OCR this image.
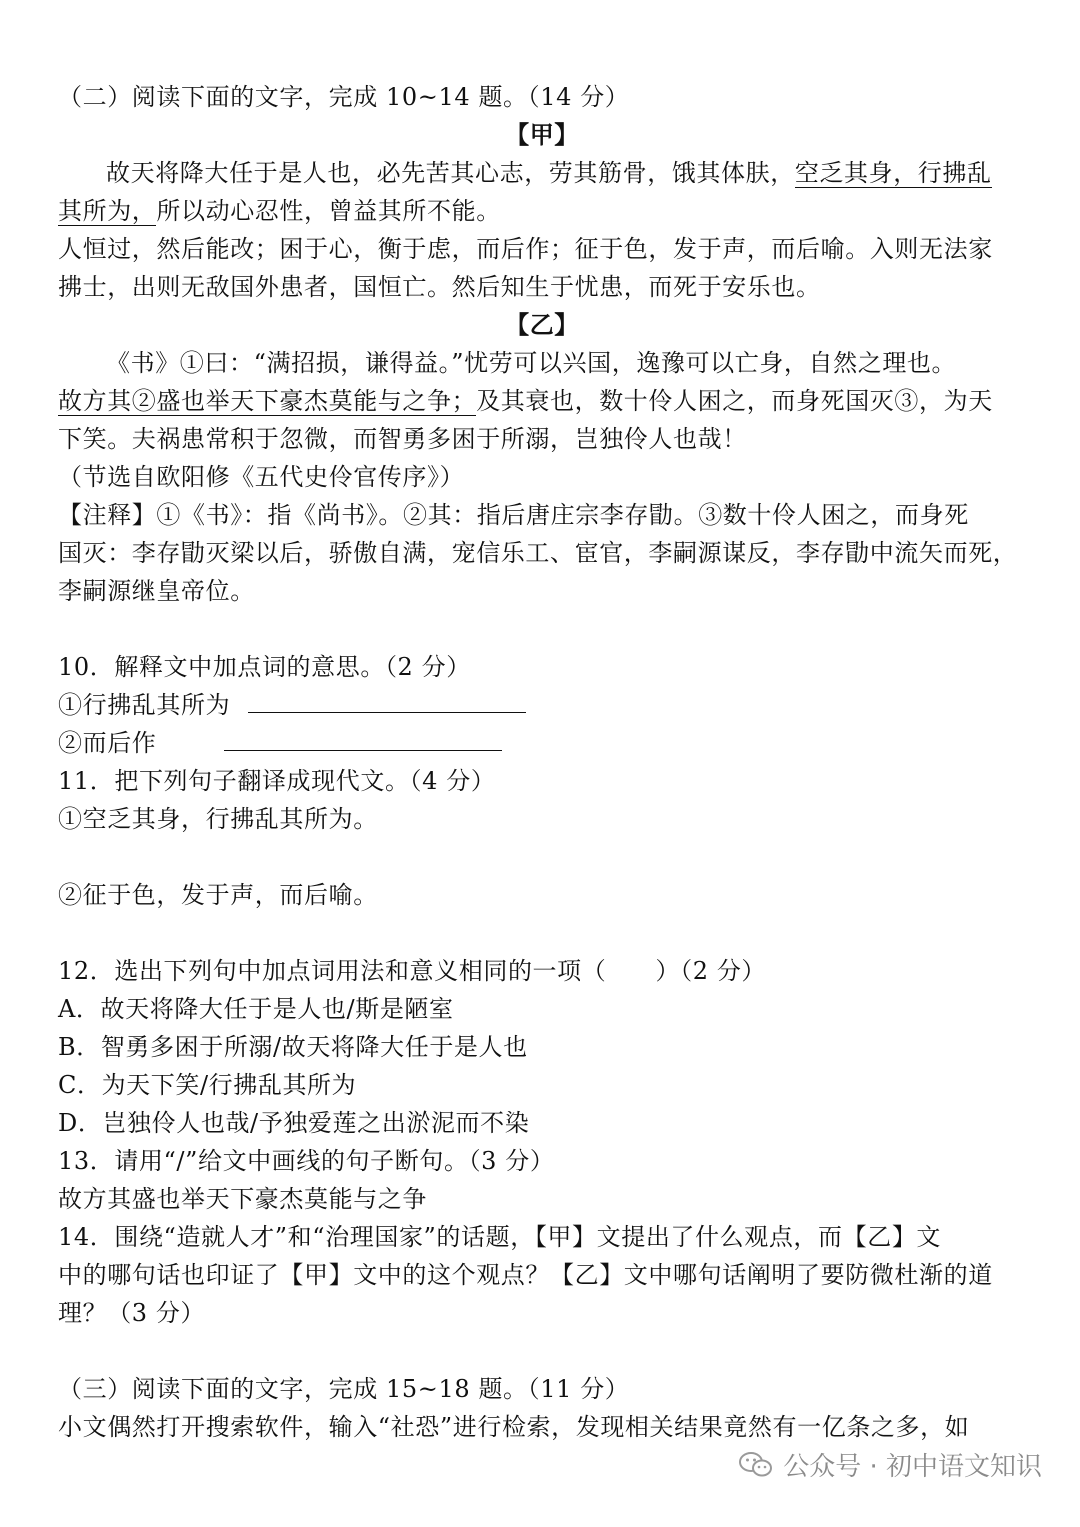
（二）阅读下面的文字，完成 10~14 题。（14 分）
【甲】
故天将降大任于是人也，必先苦其心志，劳其筋骨，饿其体肤，空乏其身，行拂乱
其所为，所以动心忍性，曾益其所不能。
人恒过，然后能改；困于心，衡于虑，而后作；征于色，发于声，而后喻。入则无法家
拂士，出则无敌国外患者，国恒亡。然后知生于忧患，而死于安乐也。
【乙】
《书》①曰：“满招损，谦得益。”忧劳可以兴国，逸豫可以亡身，自然之理也。
故方其②盛也举天下豪杰莫能与之争；及其衰也，数十伶人困之，而身死国灭③，为天
下笑。夫祸患常积于忽微，而智勇多困于所溺，岂独伶人也哉！
（节选自欧阳修《五代史伶官传序》）
【注释】①《书》：指《尚书》。②其：指后唐庄宗李存勖。③数十伶人困之，而身死
国灭：李存勖灭梁以后，骄傲自满，宠信乐工、宦官，李嗣源谋反，李存勖中流矢而死，
李嗣源继皇帝位。
10．解释文中加点词的意思。（2 分）
①行拂乱其所为
②而后作
11．把下列句子翻译成现代文。（4 分）
①空乏其身，行拂乱其所为。
②征于色，发于声，而后喻。
12．选出下列句中加点词用法和意义相同的一项（　　）（2 分）
A．故天将降大任于是人也/斯是陋室
B．智勇多困于所溺/故天将降大任于是人也
C．为天下笑/行拂乱其所为
D．岂独伶人也哉/予独爱莲之出淤泥而不染
13．请用“/”给文中画线的句子断句。（3 分）
故方其盛也举天下豪杰莫能与之争
14．围绕“造就人才”和“治理国家”的话题，【甲】文提出了什么观点，而【乙】文
中的哪句话也印证了【甲】文中的这个观点？【乙】文中哪句话阐明了要防微杜渐的道
理？（3 分）
（三）阅读下面的文字，完成 15~18 题。（11 分）
小文偶然打开搜索软件，输入“社恐”进行检索，发现相关结果竟然有一亿条之多，如
公众号 · 初中语文知识
